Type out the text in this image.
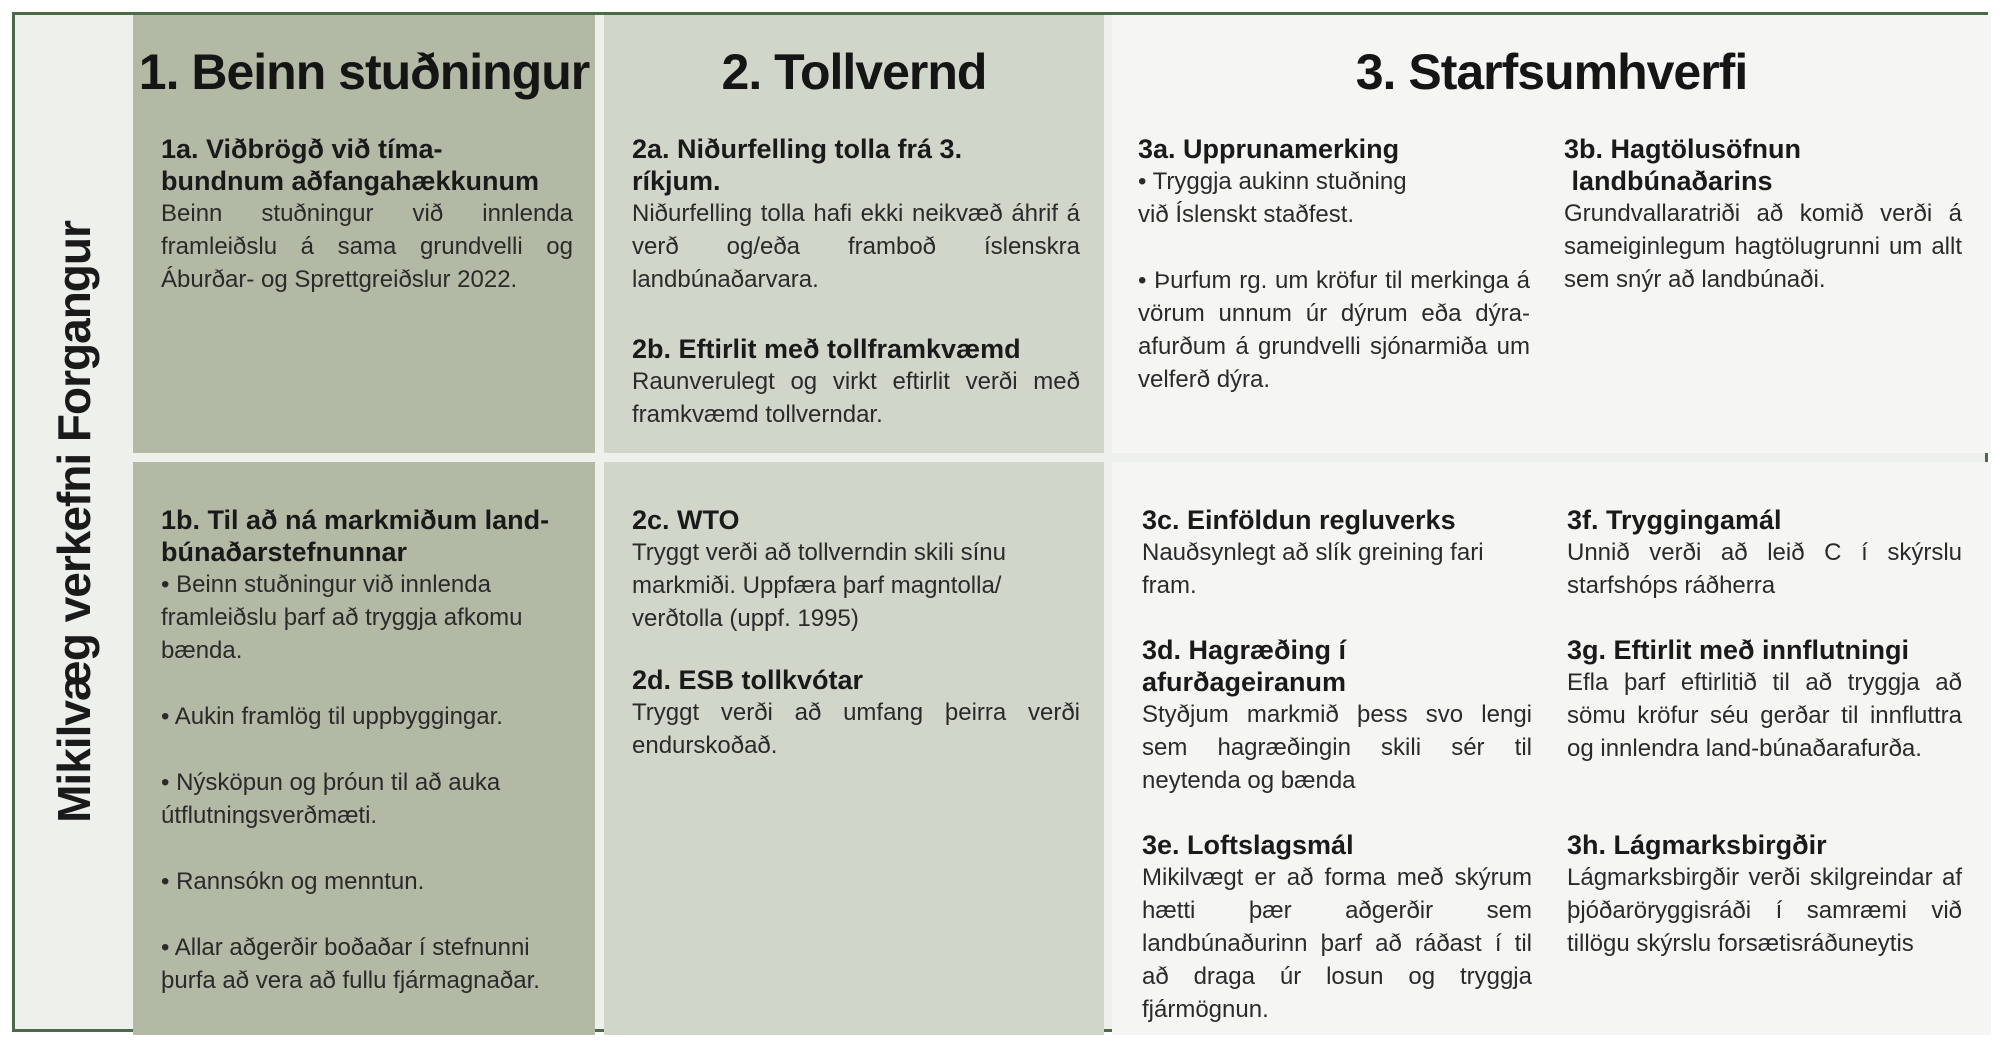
Mikilvæg verkefni Forgangur
1. Beinn stuðningur
1a. Viðbrögð við tíma-
bundnum aðfangahækkunum
Beinn stuðningur við innlenda framleiðslu á sama grundvelli og Áburðar- og Sprettgreiðslur 2022.
1b. Til að ná markmiðum land-
búnaðarstefnunnar
• Beinn stuðningur við innlenda framleiðslu þarf að tryggja afkomu bænda.
• Aukin framlög til uppbyggingar.
• Nýsköpun og þróun til að auka útflutningsverðmæti.
• Rannsókn og menntun.
• Allar aðgerðir boðaðar í stefnunni þurfa að vera að fullu fjármagnaðar.
2. Tollvernd
2a. Niðurfelling tolla frá 3.
ríkjum.
Niðurfelling tolla hafi ekki neikvæð áhrif á verð og/eða framboð íslenskra landbúnaðarvara.
2b. Eftirlit með tollframkvæmd
Raunverulegt og virkt eftirlit verði með framkvæmd tollverndar.
2c. WTO
Tryggt verði að tollverndin skili sínu markmiði. Uppfæra þarf magntolla/ verðtolla (uppf. 1995)
2d. ESB tollkvótar
Tryggt verði að umfang þeirra verði endurskoðað.
3. Starfsumhverfi
3a. Upprunamerking
• Tryggja aukinn stuðning
við Íslenskt staðfest.
• Þurfum rg. um kröfur til merkinga á vörum unnum úr dýrum eða dýra-afurðum á grundvelli sjónarmiða um velferð dýra.
3b. Hagtölusöfnun
landbúnaðarins
Grundvallaratriði að komið verði á sameiginlegum hagtölugrunni um allt sem snýr að landbúnaði.
3c. Einföldun regluverks
Nauðsynlegt að slík greining fari fram.
3d. Hagræðing í
afurðageiranum
Styðjum markmið þess svo lengi sem hagræðingin skili sér til neytenda og bænda
3e. Loftslagsmál
Mikilvægt er að forma með skýrum hætti þær aðgerðir sem landbúnaðurinn þarf að ráðast í til að draga úr losun og tryggja fjármögnun.
3f. Tryggingamál
Unnið verði að leið C í skýrslu starfshóps ráðherra
3g. Eftirlit með innflutningi
Efla þarf eftirlitið til að tryggja að sömu kröfur séu gerðar til innfluttra og innlendra land-búnaðarafurða.
3h. Lágmarksbirgðir
Lágmarksbirgðir verði skilgreindar af þjóðaröryggisráði í samræmi við tillögu skýrslu forsætisráðuneytis
